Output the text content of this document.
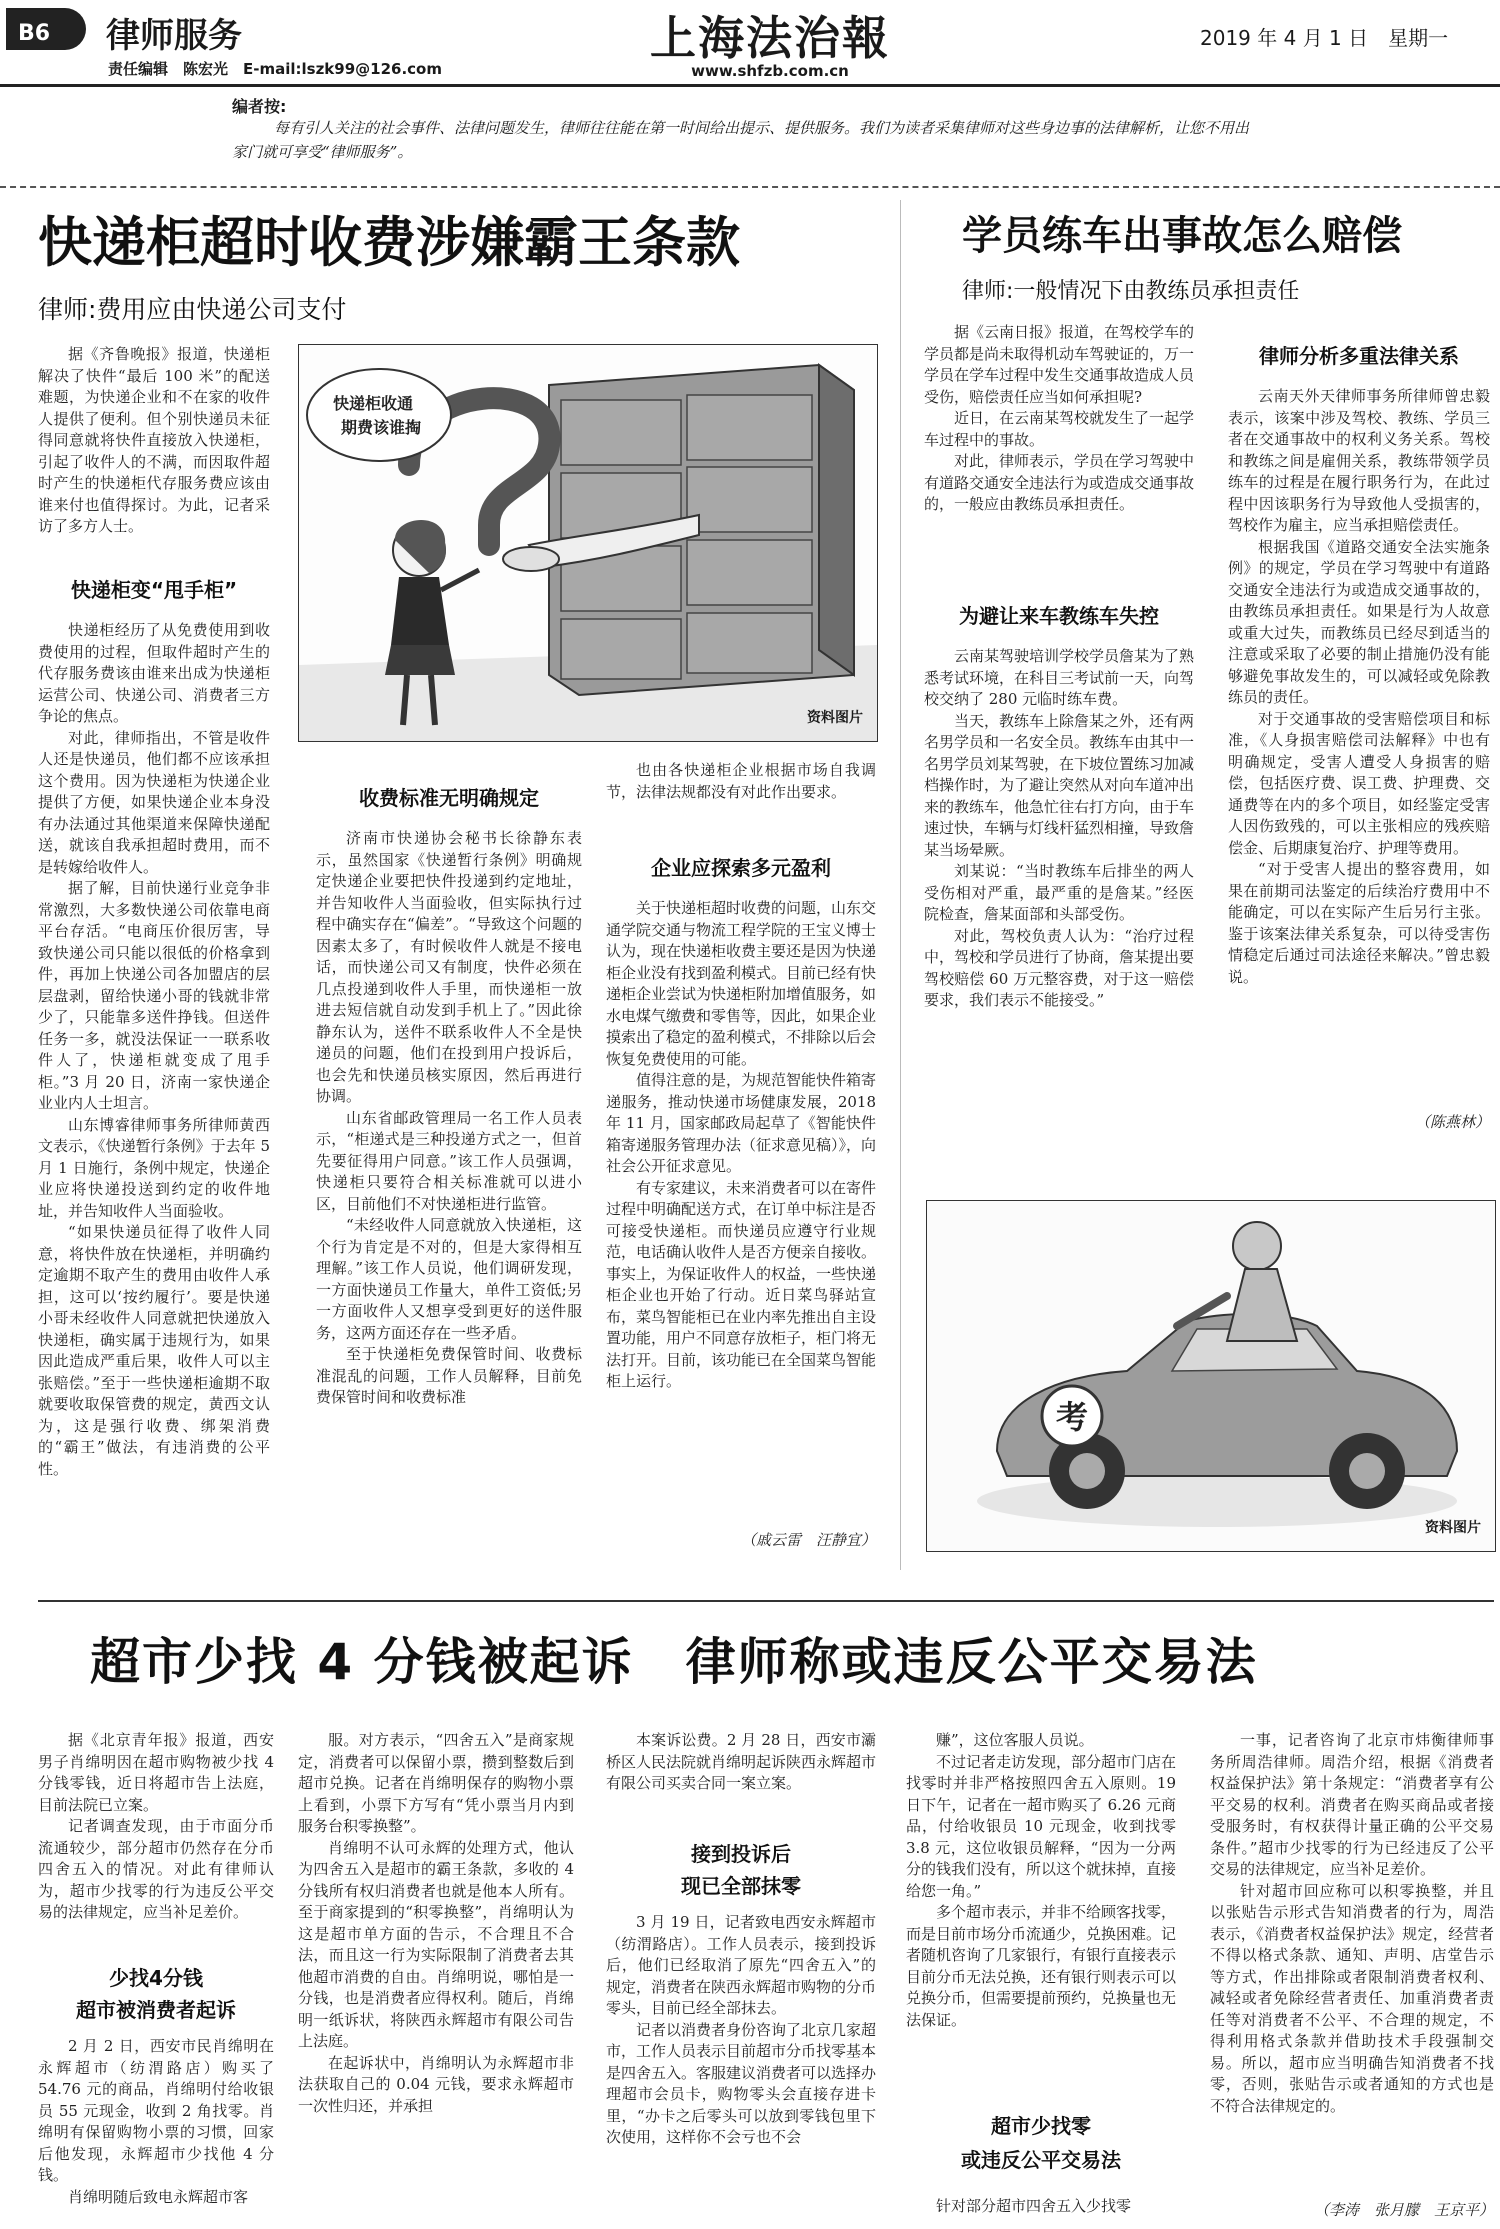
B6	律师服务
责任编辑　陈宏光　E-mail:lszk99@126.com
上海法治報
www.shfzb.com.cn
2019 年 4 月 1 日　星期一
编者按:
每有引人关注的社会事件、法律问题发生，律师往往能在第一时间给出提示、提供服务。我们为读者采集律师对这些身边事的法律解析，让您不用出家门就可享受“律师服务”。
快递柜超时收费涉嫌霸王条款
律师:费用应由快递公司支付

据《齐鲁晚报》报道，快递柜解决了快件“最后 100 米”的配送难题，为快递企业和不在家的收件人提供了便利。但个别快递员未征得同意就将快件直接放入快递柜，引起了收件人的不满，而因取件超时产生的快递柜代存服务费应该由谁来付也值得探讨。为此，记者采访了多方人士。

快递柜变“甩手柜”

快递柜经历了从免费使用到收费使用的过程，但取件超时产生的代存服务费该由谁来出成为快递柜运营公司、快递公司、消费者三方争论的焦点。

对此，律师指出，不管是收件人还是快递员，他们都不应该承担这个费用。因为快递柜为快递企业提供了方便，如果快递企业本身没有办法通过其他渠道来保障快递配送，就该自我承担超时费用，而不是转嫁给收件人。

据了解，目前快递行业竞争非常激烈，大多数快递公司依靠电商平台存活。“电商压价很厉害，导致快递公司只能以很低的价格拿到件，再加上快递公司各加盟店的层层盘剥，留给快递小哥的钱就非常少了，只能靠多送件挣钱。但送件任务一多，就没法保证一一联系收件人了，快递柜就变成了甩手柜。”3 月 20 日，济南一家快递企业业内人士坦言。

山东博睿律师事务所律师黄西文表示，《快递暂行条例》于去年 5 月 1 日施行，条例中规定，快递企业应将快递投送到约定的收件地址，并告知收件人当面验收。

“如果快递员征得了收件人同意，将快件放在快递柜，并明确约定逾期不取产生的费用由收件人承担，这可以‘按约履行’。要是快递小哥未经收件人同意就把快递放入快递柜，确实属于违规行为，如果因此造成严重后果，收件人可以主张赔偿。”至于一些快递柜逾期不取就要收取保管费的规定，黄西文认为，这是强行收费、绑架消费的“霸王”做法，有违消费的公平性。

快递柜收通
期费该谁掏
资料图片
收费标准无明确规定

济南市快递协会秘书长徐静东表示，虽然国家《快递暂行条例》明确规定快递企业要把快件投递到约定地址，并告知收件人当面验收，但实际执行过程中确实存在“偏差”。“导致这个问题的因素太多了，有时候收件人就是不接电话，而快递公司又有制度，快件必须在几点投递到收件人手里，而快递柜一放进去短信就自动发到手机上了。”因此徐静东认为，送件不联系收件人不全是快递员的问题，他们在投到用户投诉后，也会先和快递员核实原因，然后再进行协调。

山东省邮政管理局一名工作人员表示，“柜递式是三种投递方式之一，但首先要征得用户同意。”该工作人员强调，快递柜只要符合相关标准就可以进小区，目前他们不对快递柜进行监管。

“未经收件人同意就放入快递柜，这个行为肯定是不对的，但是大家得相互理解。”该工作人员说，他们调研发现，一方面快递员工作量大，单件工资低;另一方面收件人又想享受到更好的送件服务，这两方面还存在一些矛盾。

至于快递柜免费保管时间、收费标准混乱的问题，工作人员解释，目前免费保管时间和收费标准

也由各快递柜企业根据市场自我调节，法律法规都没有对此作出要求。

企业应探索多元盈利

关于快递柜超时收费的问题，山东交通学院交通与物流工程学院的王宝义博士认为，现在快递柜收费主要还是因为快递柜企业没有找到盈利模式。目前已经有快递柜企业尝试为快递柜附加增值服务，如水电煤气缴费和零售等，因此，如果企业摸索出了稳定的盈利模式，不排除以后会恢复免费使用的可能。

值得注意的是，为规范智能快件箱寄递服务，推动快递市场健康发展，2018 年 11 月，国家邮政局起草了《智能快件箱寄递服务管理办法（征求意见稿）》，向社会公开征求意见。

有专家建议，未来消费者可以在寄件过程中明确配送方式，在订单中标注是否可接受快递柜。而快递员应遵守行业规范，电话确认收件人是否方便亲自接收。事实上，为保证收件人的权益，一些快递柜企业也开始了行动。近日菜鸟驿站宣布，菜鸟智能柜已在业内率先推出自主设置功能，用户不同意存放柜子，柜门将无法打开。目前，该功能已在全国菜鸟智能柜上运行。

（戚云雷　汪静宜）
学员练车出事故怎么赔偿
律师:一般情况下由教练员承担责任

据《云南日报》报道，在驾校学车的学员都是尚未取得机动车驾驶证的，万一学员在学车过程中发生交通事故造成人员受伤，赔偿责任应当如何承担呢?

近日，在云南某驾校就发生了一起学车过程中的事故。

对此，律师表示，学员在学习驾驶中有道路交通安全违法行为或造成交通事故的，一般应由教练员承担责任。

为避让来车教练车失控

云南某驾驶培训学校学员詹某为了熟悉考试环境，在科目三考试前一天，向驾校交纳了 280 元临时练车费。

当天，教练车上除詹某之外，还有两名男学员和一名安全员。教练车由其中一名男学员刘某驾驶，在下坡位置练习加减档操作时，为了避让突然从对向车道冲出来的教练车，他急忙往右打方向，由于车速过快，车辆与灯线杆猛烈相撞，导致詹某当场晕厥。

刘某说：“当时教练车后排坐的两人受伤相对严重，最严重的是詹某。”经医院检查，詹某面部和头部受伤。

对此，驾校负责人认为：“治疗过程中，驾校和学员进行了协商，詹某提出要驾校赔偿 60 万元整容费，对于这一赔偿要求，我们表示不能接受。”

律师分析多重法律关系

云南天外天律师事务所律师曾忠毅表示，该案中涉及驾校、教练、学员三者在交通事故中的权利义务关系。驾校和教练之间是雇佣关系，教练带领学员练车的过程是在履行职务行为，在此过程中因该职务行为导致他人受损害的，驾校作为雇主，应当承担赔偿责任。

根据我国《道路交通安全法实施条例》的规定，学员在学习驾驶中有道路交通安全违法行为或造成交通事故的，由教练员承担责任。如果是行为人故意或重大过失，而教练员已经尽到适当的注意或采取了必要的制止措施仍没有能够避免事故发生的，可以减轻或免除教练员的责任。

对于交通事故的受害赔偿项目和标准，《人身损害赔偿司法解释》中也有明确规定，受害人遭受人身损害的赔偿，包括医疗费、误工费、护理费、交通费等在内的多个项目，如经鉴定受害人因伤致残的，可以主张相应的残疾赔偿金、后期康复治疗、护理等费用。

“对于受害人提出的整容费用，如果在前期司法鉴定的后续治疗费用中不能确定，可以在实际产生后另行主张。鉴于该案法律关系复杂，可以待受害伤情稳定后通过司法途径来解决。”曾忠毅说。

（陈燕林）
考
资料图片
超市少找 4 分钱被起诉　律师称或违反公平交易法

据《北京青年报》报道，西安男子肖绵明因在超市购物被少找 4 分钱零钱，近日将超市告上法庭，目前法院已立案。

记者调查发现，由于市面分币流通较少，部分超市仍然存在分币四舍五入的情况。对此有律师认为，超市少找零的行为违反公平交易的法律规定，应当补足差价。

少找4分钱
超市被消费者起诉

2 月 2 日，西安市民肖绵明在永辉超市（纺渭路店）购买了 54.76 元的商品，肖绵明付给收银员 55 元现金，收到 2 角找零。肖绵明有保留购物小票的习惯，回家后他发现，永辉超市少找他 4 分钱。

肖绵明随后致电永辉超市客

服。对方表示，“四舍五入”是商家规定，消费者可以保留小票，攒到整数后到超市兑换。记者在肖绵明保存的购物小票上看到，小票下方写有“凭小票当月内到服务台积零换整”。

肖绵明不认可永辉的处理方式，他认为四舍五入是超市的霸王条款，多收的 4 分钱所有权归消费者也就是他本人所有。至于商家提到的“积零换整”，肖绵明认为这是超市单方面的告示，不合理且不合法，而且这一行为实际限制了消费者去其他超市消费的自由。肖绵明说，哪怕是一分钱，也是消费者应得权利。随后，肖绵明一纸诉状，将陕西永辉超市有限公司告上法庭。

在起诉状中，肖绵明认为永辉超市非法获取自己的 0.04 元钱，要求永辉超市一次性归还，并承担

本案诉讼费。2 月 28 日，西安市灞桥区人民法院就肖绵明起诉陕西永辉超市有限公司买卖合同一案立案。

接到投诉后
现已全部抹零

3 月 19 日，记者致电西安永辉超市（纺渭路店）。工作人员表示，接到投诉后，他们已经取消了原先“四舍五入”的规定，消费者在陕西永辉超市购物的分币零头，目前已经全部抹去。

记者以消费者身份咨询了北京几家超市，工作人员表示目前超市分币找零基本是四舍五入。客服建议消费者可以选择办理超市会员卡，购物零头会直接存进卡里，“办卡之后零头可以放到零钱包里下次使用，这样你不会亏也不会

赚”，这位客服人员说。

不过记者走访发现，部分超市门店在找零时并非严格按照四舍五入原则。19 日下午，记者在一超市购买了 6.26 元商品，付给收银员 10 元现金，收到找零 3.8 元，这位收银员解释，“因为一分两分的钱我们没有，所以这个就抹掉，直接给您一角。”

多个超市表示，并非不给顾客找零，而是目前市场分币流通少，兑换困难。记者随机咨询了几家银行，有银行直接表示目前分币无法兑换，还有银行则表示可以兑换分币，但需要提前预约，兑换量也无法保证。

超市少找零
或违反公平交易法

针对部分超市四舍五入少找零

一事，记者咨询了北京市炜衡律师事务所周浩律师。周浩介绍，根据《消费者权益保护法》第十条规定：“消费者享有公平交易的权利。消费者在购买商品或者接受服务时，有权获得计量正确的公平交易条件。”超市少找零的行为已经违反了公平交易的法律规定，应当补足差价。

针对超市回应称可以积零换整，并且以张贴告示形式告知消费者的行为，周浩表示，《消费者权益保护法》规定，经营者不得以格式条款、通知、声明、店堂告示等方式，作出排除或者限制消费者权利、减轻或者免除经营者责任、加重消费者责任等对消费者不公平、不合理的规定，不得利用格式条款并借助技术手段强制交易。所以，超市应当明确告知消费者不找零，否则，张贴告示或者通知的方式也是不符合法律规定的。

（李涛　张月朦　王京平）
